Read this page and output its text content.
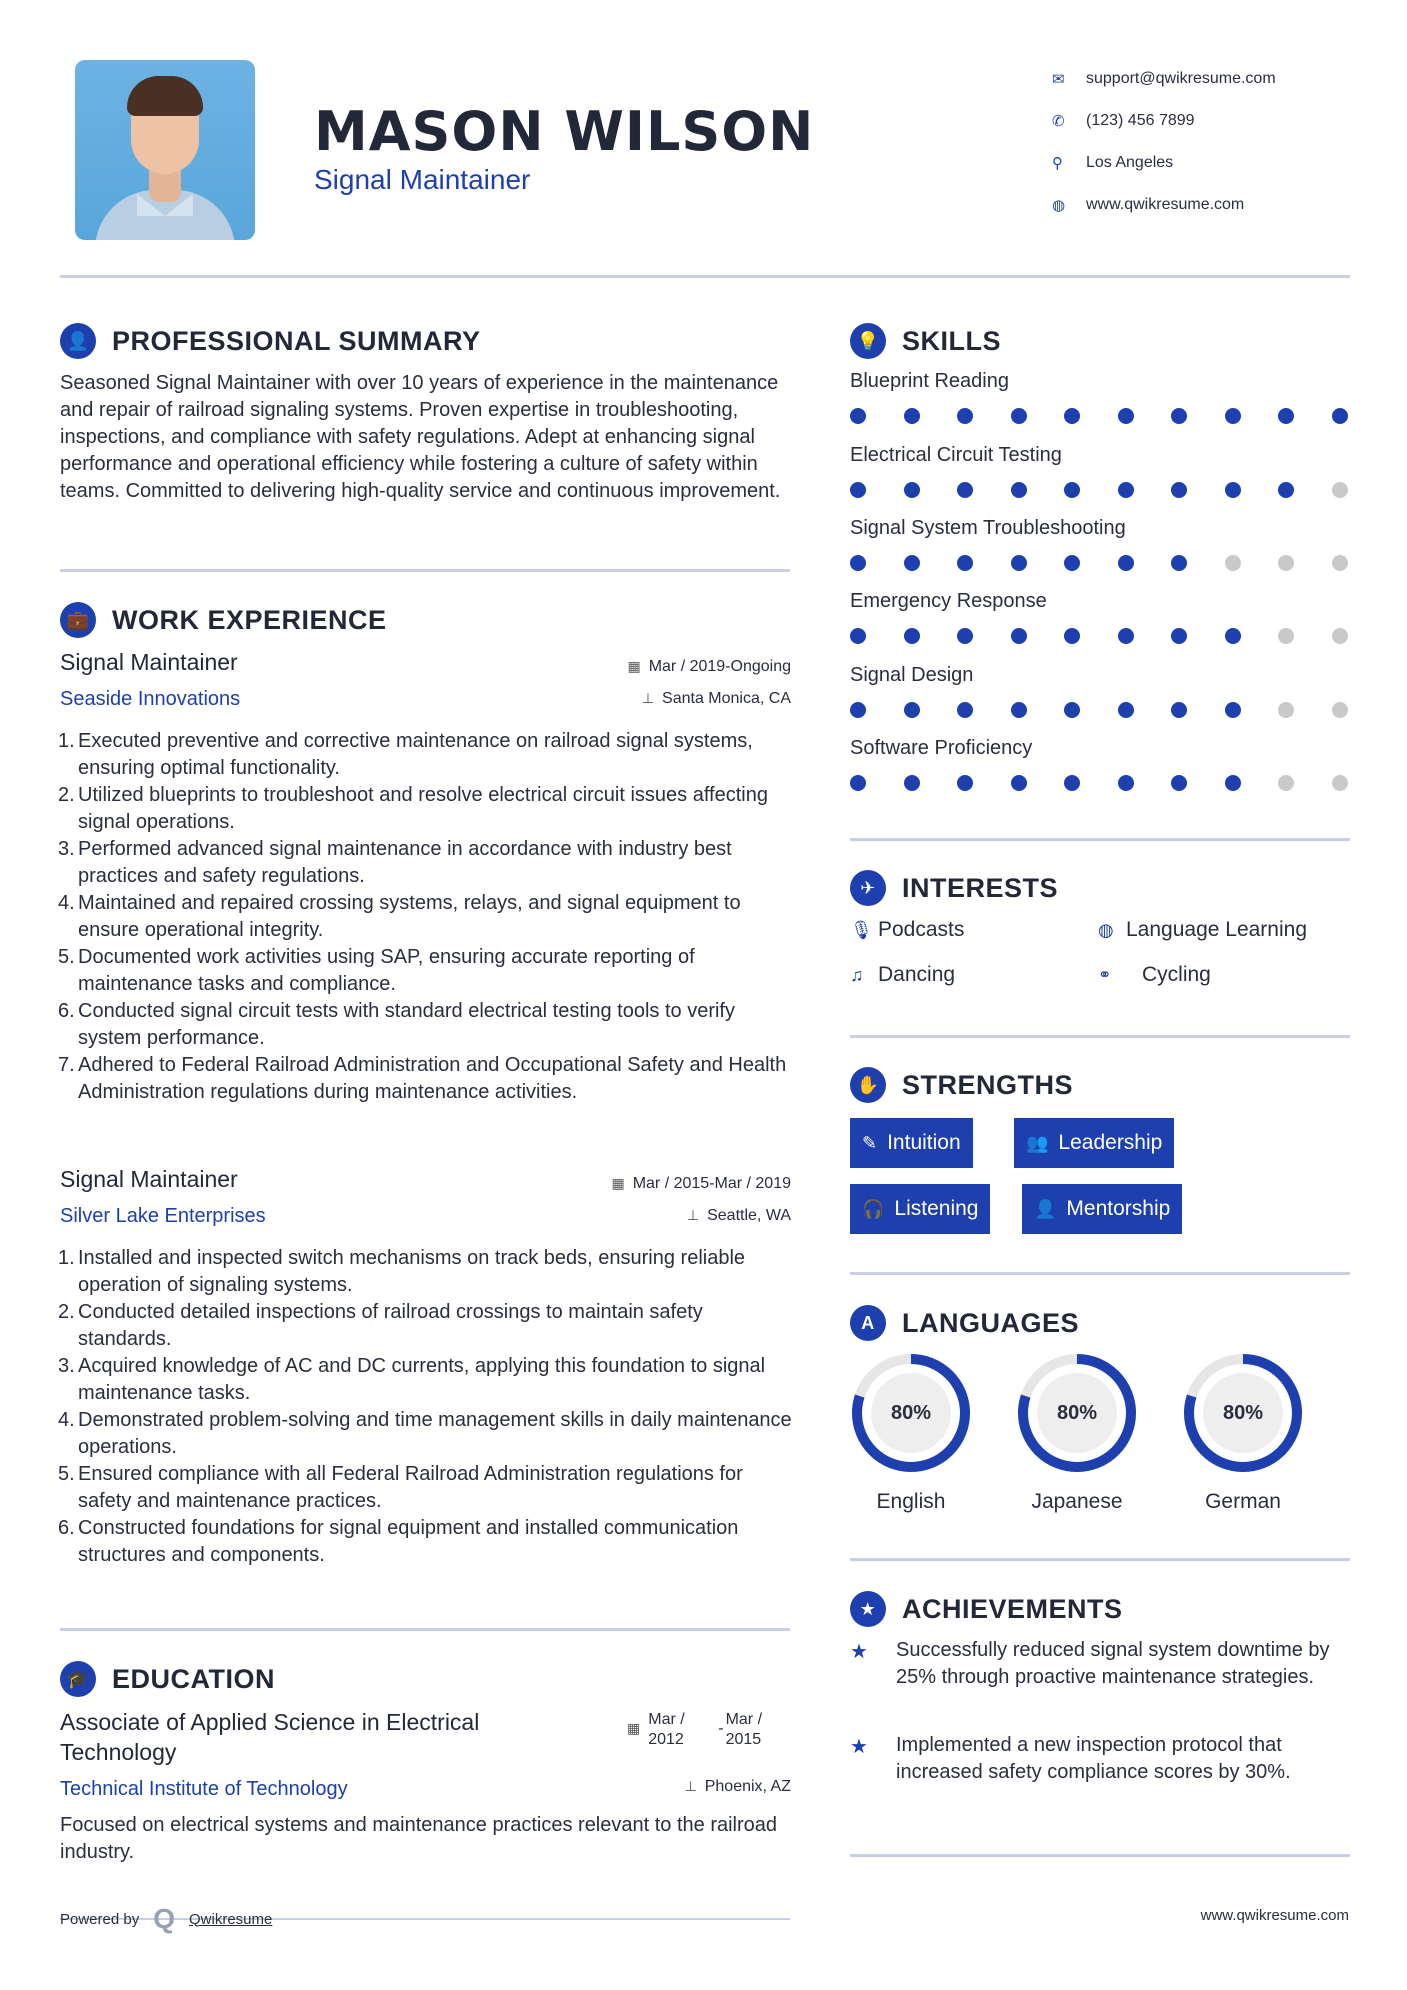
MASON WILSON
Signal Maintainer
✉	support@qwikresume.com
✆	(123) 456 7899
⚲	Los Angeles
◍	www.qwikresume.com
👤 PROFESSIONAL SUMMARY
Seasoned Signal Maintainer with over 10 years of experience in the maintenance and repair of railroad signaling systems. Proven expertise in troubleshooting, inspections, and compliance with safety regulations. Adept at enhancing signal performance and operational efficiency while fostering a culture of safety within teams. Committed to delivering high-quality service and continuous improvement.
💼 WORK EXPERIENCE
Signal Maintainer
Seaside Innovations
▦ Mar / 2019-Ongoing
⊥ Santa Monica, CA
1. Executed preventive and corrective maintenance on railroad signal systems, ensuring optimal functionality.
2. Utilized blueprints to troubleshoot and resolve electrical circuit issues affecting signal operations.
3. Performed advanced signal maintenance in accordance with industry best practices and safety regulations.
4. Maintained and repaired crossing systems, relays, and signal equipment to ensure operational integrity.
5. Documented work activities using SAP, ensuring accurate reporting of maintenance tasks and compliance.
6. Conducted signal circuit tests with standard electrical testing tools to verify system performance.
7. Adhered to Federal Railroad Administration and Occupational Safety and Health Administration regulations during maintenance activities.
Signal Maintainer
Silver Lake Enterprises
▦ Mar / 2015-Mar / 2019
⊥ Seattle, WA
1. Installed and inspected switch mechanisms on track beds, ensuring reliable operation of signaling systems.
2. Conducted detailed inspections of railroad crossings to maintain safety standards.
3. Acquired knowledge of AC and DC currents, applying this foundation to signal maintenance tasks.
4. Demonstrated problem-solving and time management skills in daily maintenance operations.
5. Ensured compliance with all Federal Railroad Administration regulations for safety and maintenance practices.
6. Constructed foundations for signal equipment and installed communication structures and components.
🎓 EDUCATION
Associate of Applied Science in Electrical Technology
Technical Institute of Technology
▦ Mar / 2012
-
Mar / 2015
⊥ Phoenix, AZ
Focused on electrical systems and maintenance practices relevant to the railroad industry.
💡 SKILLS
Blueprint Reading
Electrical Circuit Testing
Signal System Troubleshooting
Emergency Response
Signal Design
Software Proficiency
✈ INTERESTS
🎙 Podcasts	◍ Language Learning
♫ Dancing	⚭	Cycling
✋ STRENGTHS
✎ Intuition	👥 Leadership
🎧 Listening	👤 Mentorship
A	LANGUAGES
80%
English
80%
Japanese
80%
German
★ ACHIEVEMENTS
★ Successfully reduced signal system downtime by 25% through proactive maintenance strategies.
★ Implemented a new inspection protocol that increased safety compliance scores by 30%.
Powered by Q Qwikresume	www.qwikresume.com
